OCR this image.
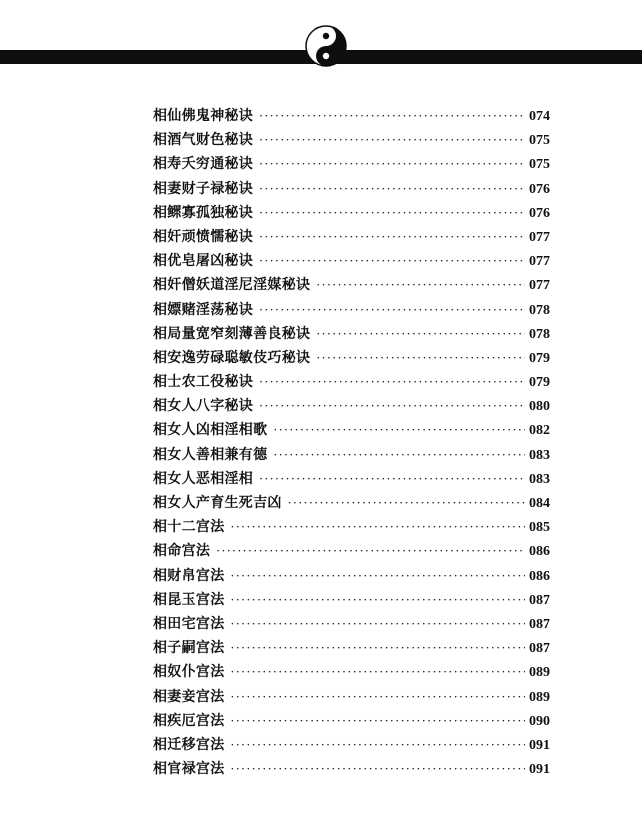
相仙佛鬼神秘诀 ·····	074
相酒气财色秘诀 ·····	075
相寿夭穷通秘诀 ·····	075
相妻财子禄秘诀 ·····	076
相鳏寡孤独秘诀 ·····	076
相奸顽愤懦秘诀 ·····	077
相优皂屠凶秘诀 ·····	077
相奸僧妖道淫尼淫媒秘诀 ·····	077
相嫖赌淫荡秘诀 ·····	078
相局量宽窄刻薄善良秘诀 ·····	078
相安逸劳碌聪敏伎巧秘诀 ·····	079
相士农工役秘诀 ·····	079
相女人八字秘诀 ·····	080
相女人凶相淫相歌 ·····	082
相女人善相兼有德 ·····	083
相女人恶相淫相 ·····	083
相女人产育生死吉凶 ·····	084
相十二宫法 ·····	085
相命宫法 ·····	086
相财帛宫法 ·····	086
相昆玉宫法 ·····	087
相田宅宫法 ·····	087
相子嗣宫法 ·····	087
相奴仆宫法 ·····	089
相妻妾宫法 ·····	089
相疾厄宫法 ·····	090
相迁移宫法 ·····	091
相官禄宫法 ·····	091
